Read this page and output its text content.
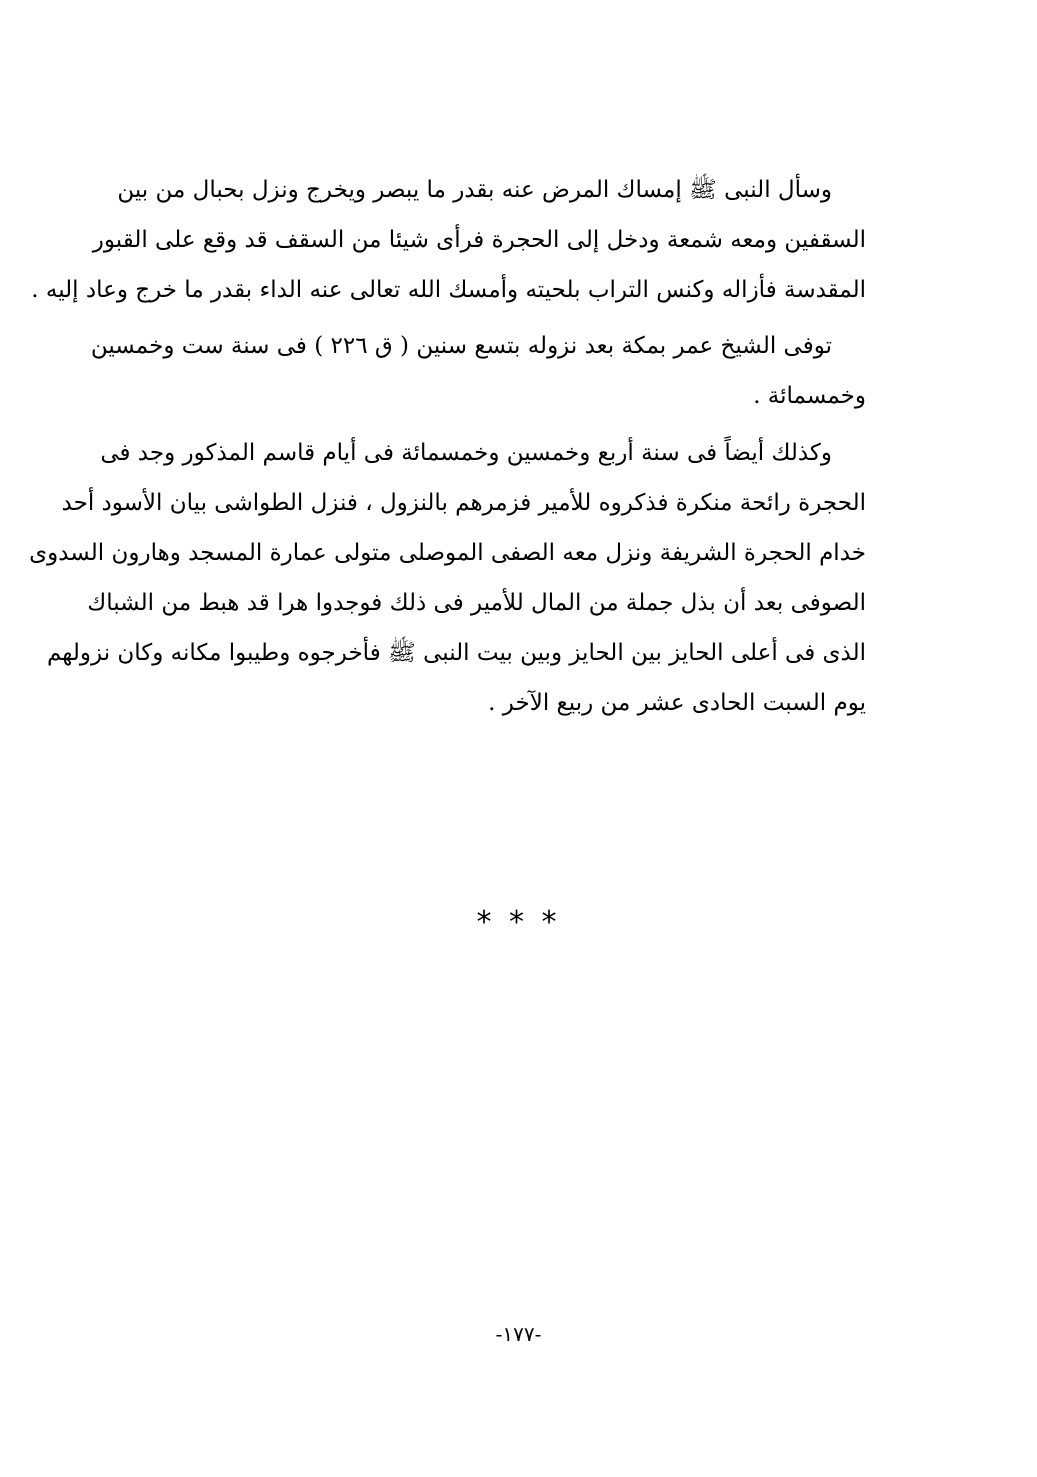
وسأل النبى ﷺ إمساك المرض عنه بقدر ما يبصر ويخرج ونزل بحبال من بين
السقفين ومعه شمعة ودخل إلى الحجرة فرأى شيئا من السقف قد وقع على القبور
المقدسة فأزاله وكنس التراب بلحيته وأمسك الله تعالى عنه الداء بقدر ما خرج وعاد إليه .
توفى الشيخ عمر بمكة بعد نزوله بتسع سنين ( ق ٢٢٦ ) فى سنة ست وخمسين
وخمسمائة .
وكذلك أيضاً فى سنة أربع وخمسين وخمسمائة فى أيام قاسم المذكور وجد فى
الحجرة رائحة منكرة فذكروه للأمير فزمرهم بالنزول ، فنزل الطواشى بيان الأسود أحد
خدام الحجرة الشريفة ونزل معه الصفى الموصلى متولى عمارة المسجد وهارون السدوى
الصوفى بعد أن بذل جملة من المال للأمير فى ذلك فوجدوا هرا قد هبط من الشباك
الذى فى أعلى الحايز بين الحايز وبين بيت النبى ﷺ فأخرجوه وطيبوا مكانه وكان نزولهم
يوم السبت الحادى عشر من ربيع الآخر .
* * *
-١٧٧-
